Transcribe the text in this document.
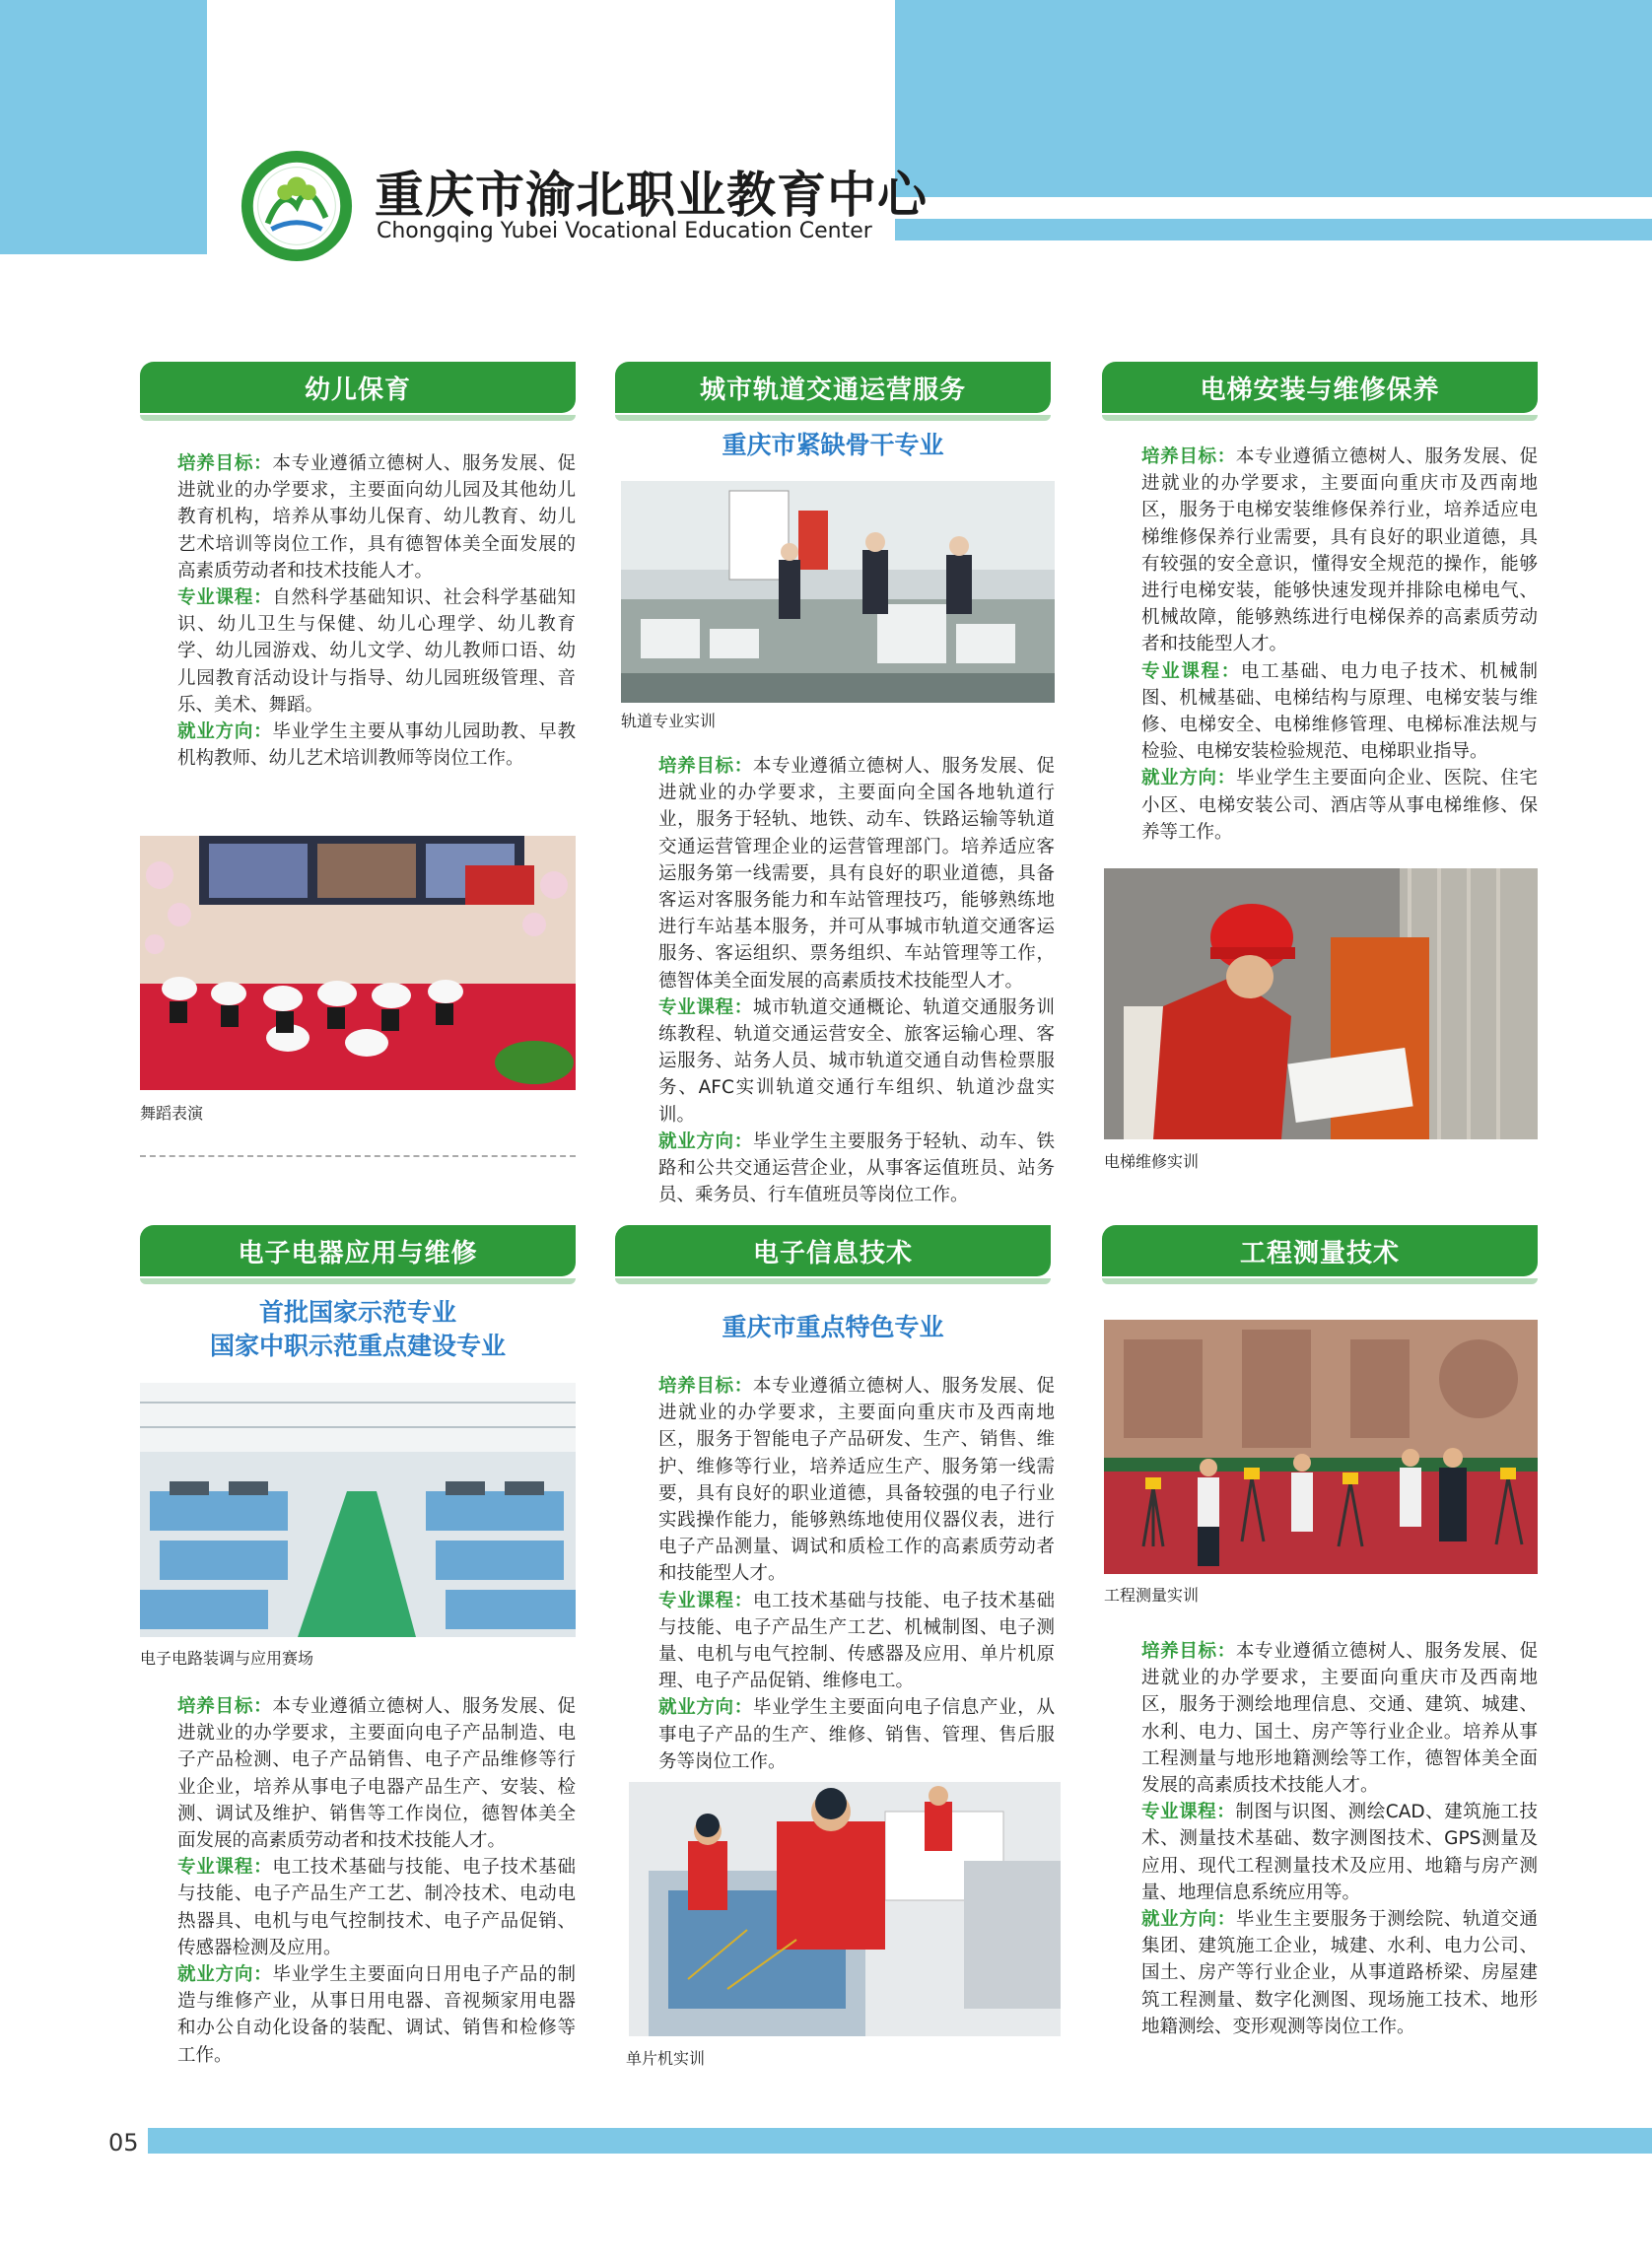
重庆市渝北职业教育中心
Chongqing Yubei Vocational Education Center
幼儿保育

培养目标：本专业遵循立德树人、服务发展、促进就业的办学要求，主要面向幼儿园及其他幼儿教育机构，培养从事幼儿保育、幼儿教育、幼儿艺术培训等岗位工作，具有德智体美全面发展的高素质劳动者和技术技能人才。

专业课程：自然科学基础知识、社会科学基础知识、幼儿卫生与保健、幼儿心理学、幼儿教育学、幼儿园游戏、幼儿文学、幼儿教师口语、幼儿园教育活动设计与指导、幼儿园班级管理、音乐、美术、舞蹈。

就业方向：毕业学生主要从事幼儿园助教、早教机构教师、幼儿艺术培训教师等岗位工作。

舞蹈表演
城市轨道交通运营服务
重庆市紧缺骨干专业
轨道专业实训

培养目标：本专业遵循立德树人、服务发展、促进就业的办学要求，主要面向全国各地轨道行业，服务于轻轨、地铁、动车、铁路运输等轨道交通运营管理企业的运营管理部门。培养适应客运服务第一线需要，具有良好的职业道德，具备客运对客服务能力和车站管理技巧，能够熟练地进行车站基本服务，并可从事城市轨道交通客运服务、客运组织、票务组织、车站管理等工作，德智体美全面发展的高素质技术技能型人才。

专业课程：城市轨道交通概论、轨道交通服务训练教程、轨道交通运营安全、旅客运输心理、客运服务、站务人员、城市轨道交通自动售检票服务、AFC实训轨道交通行车组织、轨道沙盘实训。

就业方向：毕业学生主要服务于轻轨、动车、铁路和公共交通运营企业，从事客运值班员、站务员、乘务员、行车值班员等岗位工作。

电梯安装与维修保养

培养目标：本专业遵循立德树人、服务发展、促进就业的办学要求，主要面向重庆市及西南地区，服务于电梯安装维修保养行业，培养适应电梯维修保养行业需要，具有良好的职业道德，具有较强的安全意识，懂得安全规范的操作，能够进行电梯安装，能够快速发现并排除电梯电气、机械故障，能够熟练进行电梯保养的高素质劳动者和技能型人才。

专业课程：电工基础、电力电子技术、机械制图、机械基础、电梯结构与原理、电梯安装与维修、电梯安全、电梯维修管理、电梯标准法规与检验、电梯安装检验规范、电梯职业指导。

就业方向：毕业学生主要面向企业、医院、住宅小区、电梯安装公司、酒店等从事电梯维修、保养等工作。

电梯维修实训
电子电器应用与维修
首批国家示范专业
国家中职示范重点建设专业
电子电路装调与应用赛场

培养目标：本专业遵循立德树人、服务发展、促进就业的办学要求，主要面向电子产品制造、电子产品检测、电子产品销售、电子产品维修等行业企业，培养从事电子电器产品生产、安装、检测、调试及维护、销售等工作岗位，德智体美全面发展的高素质劳动者和技术技能人才。

专业课程：电工技术基础与技能、电子技术基础与技能、电子产品生产工艺、制冷技术、电动电热器具、电机与电气控制技术、电子产品促销、传感器检测及应用。

就业方向：毕业学生主要面向日用电子产品的制造与维修产业，从事日用电器、音视频家用电器和办公自动化设备的装配、调试、销售和检修等工作。

电子信息技术
重庆市重点特色专业

培养目标：本专业遵循立德树人、服务发展、促进就业的办学要求，主要面向重庆市及西南地区，服务于智能电子产品研发、生产、销售、维护、维修等行业，培养适应生产、服务第一线需要，具有良好的职业道德，具备较强的电子行业实践操作能力，能够熟练地使用仪器仪表，进行电子产品测量、调试和质检工作的高素质劳动者和技能型人才。

专业课程：电工技术基础与技能、电子技术基础与技能、电子产品生产工艺、机械制图、电子测量、电机与电气控制、传感器及应用、单片机原理、电子产品促销、维修电工。

就业方向：毕业学生主要面向电子信息产业，从事电子产品的生产、维修、销售、管理、售后服务等岗位工作。

单片机实训
工程测量技术
工程测量实训

培养目标：本专业遵循立德树人、服务发展、促进就业的办学要求，主要面向重庆市及西南地区，服务于测绘地理信息、交通、建筑、城建、水利、电力、国土、房产等行业企业。培养从事工程测量与地形地籍测绘等工作，德智体美全面发展的高素质技术技能人才。

专业课程：制图与识图、测绘CAD、建筑施工技术、测量技术基础、数字测图技术、GPS测量及应用、现代工程测量技术及应用、地籍与房产测量、地理信息系统应用等。

就业方向：毕业生主要服务于测绘院、轨道交通集团、建筑施工企业，城建、水利、电力公司、国土、房产等行业企业，从事道路桥梁、房屋建筑工程测量、数字化测图、现场施工技术、地形地籍测绘、变形观测等岗位工作。

05
